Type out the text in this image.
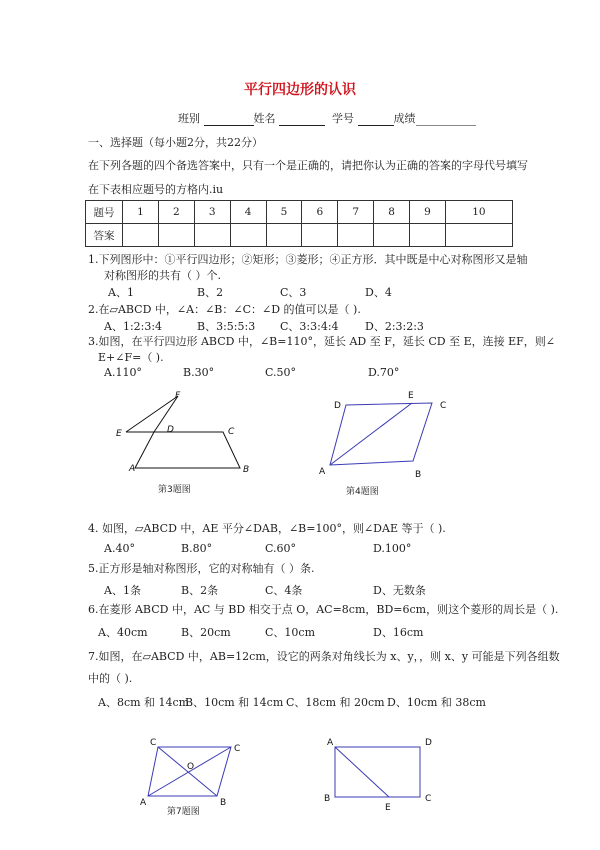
平行四边形的认识
班别	姓名	学号	成绩
一、选择题（每小题2分，共22分）
在下列各题的四个备选答案中，只有一个是正确的，请把你认为正确的答案的字母代号填写
在下表相应题号的方格内.iu
题号	1	2	3	4	5	6	7	8	9	10
答案										
1.下列图形中：①平行四边形；②矩形；③菱形；④正方形．其中既是中心对称图形又是轴
对称图形的共有（ ）个.
A、1	B、2	C、3	D、4
2.在▱ABCD 中，∠A：∠B：∠C：∠D 的值可以是（ ).
A、1:2:3:4	B、3:5:5:3 C、3:3:4:4 D、2:3:2:3
3.如图，在平行四边形 ABCD 中，∠B=110°，延长 AD 至 F，延长 CD 至 E，连接 EF，则∠
E+∠F=（ ).
A.110°	B.30°	C.50°	D.70°
F
E	D	C
A	B
第3题图
D
E
C
A	B
第4题图
4. 如图，▱ABCD 中，AE 平分∠DAB，∠B=100°，则∠DAE 等于（ ).
A.40°	B.80°	C.60°	D.100°
5.正方形是轴对称图形，它的对称轴有（ ）条.
A、1条	B、2条	C、4条	D、无数条
6.在菱形 ABCD 中，AC 与 BD 相交于点 O，AC=8cm，BD=6cm，则这个菱形的周长是（ ).
A、40cm	B、20cm	C、10cm	D、16cm
7.如图，在▱ABCD 中，AB=12cm，设它的两条对角线长为 x、y，，则 x、y 可能是下列各组数
中的（ ).
A、8cm 和 14cm
B、10cm 和 14cm C、18cm 和 20cm D、10cm 和 38cm
C
C
O
A	B
第7题图
A	D
B
E
C
